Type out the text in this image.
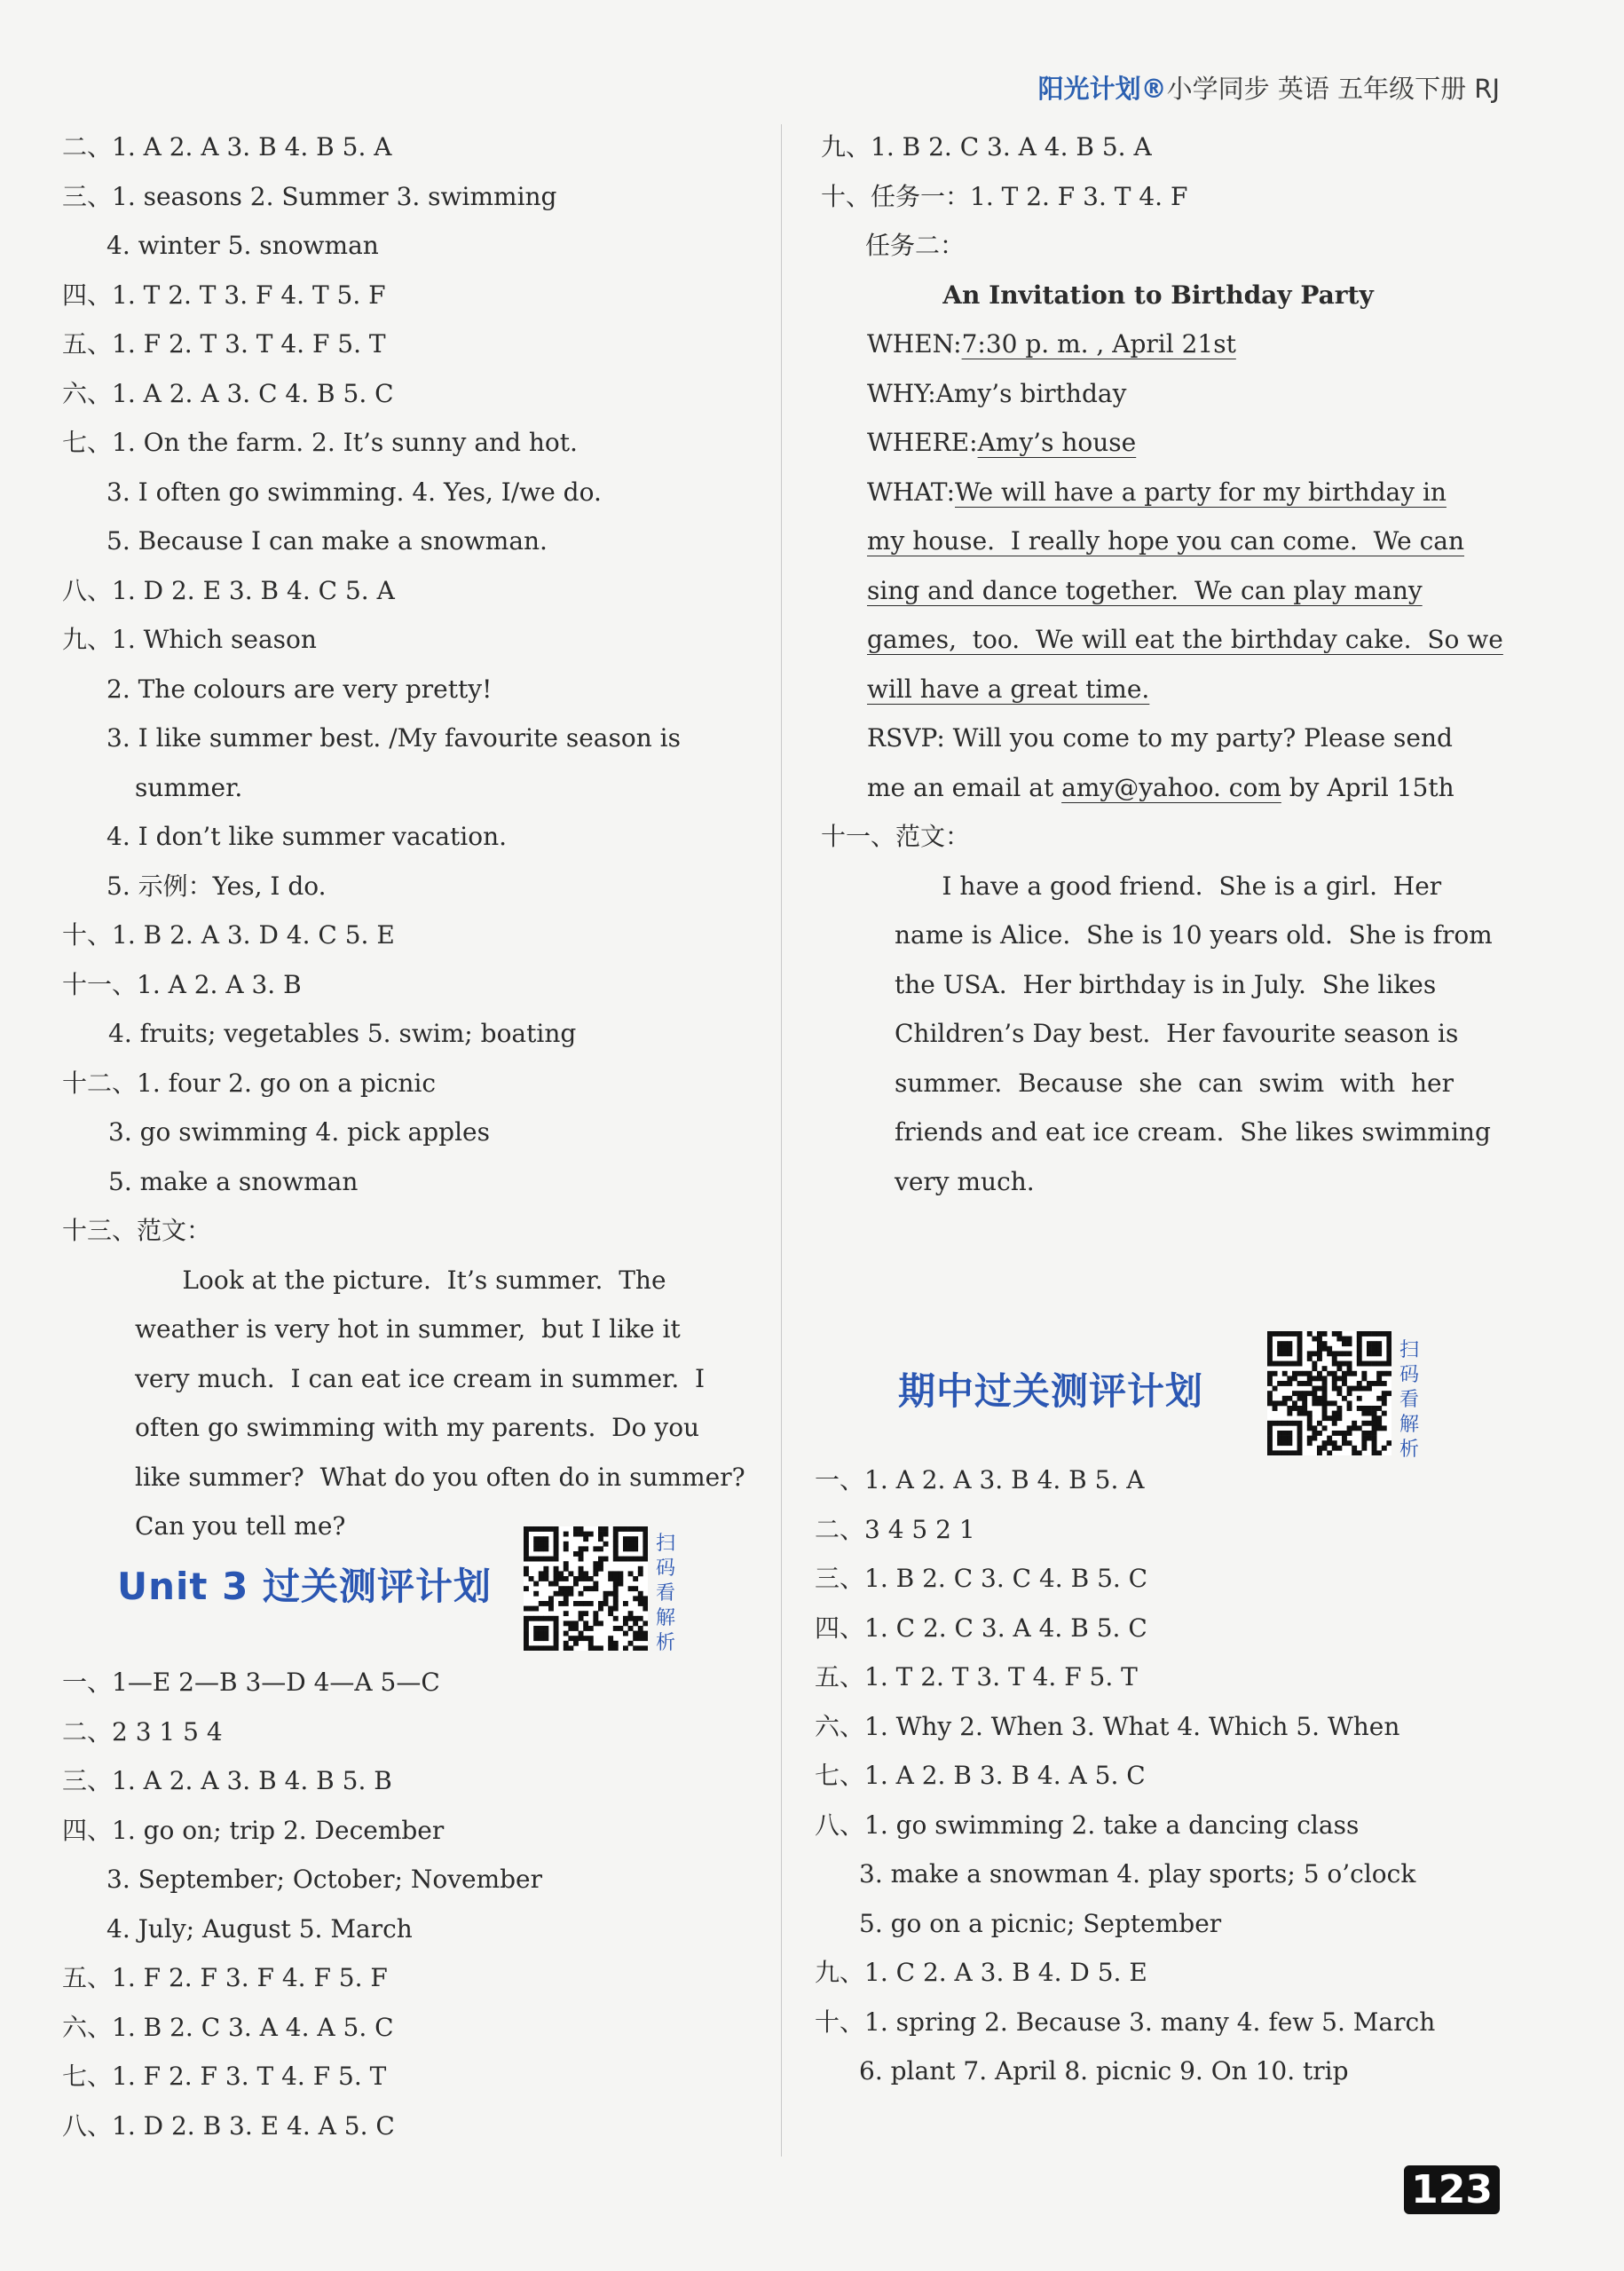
阳光计划®小学同步 英语 五年级下册 RJ
二、1. A 2. A 3. B 4. B 5. A
三、1. seasons 2. Summer 3. swimming
4. winter 5. snowman
四、1. T 2. T 3. F 4. T 5. F
五、1. F 2. T 3. T 4. F 5. T
六、1. A 2. A 3. C 4. B 5. C
七、1. On the farm. 2. It’s sunny and hot.
3. I often go swimming. 4. Yes, I/we do.
5. Because I can make a snowman.
八、1. D 2. E 3. B 4. C 5. A
九、1. Which season
2. The colours are very pretty!
3. I like summer best. /My favourite season is
summer.
4. I don’t like summer vacation.
5. 示例：Yes, I do.
十、1. B 2. A 3. D 4. C 5. E
十一、1. A 2. A 3. B
4. fruits; vegetables 5. swim; boating
十二、1. four 2. go on a picnic
3. go swimming 4. pick apples
5. make a snowman
十三、范文：
Look at the picture.  It’s summer.  The
weather is very hot in summer,  but I like it
very much.  I can eat ice cream in summer.  I
often go swimming with my parents.  Do you
like summer?  What do you often do in summer?
Can you tell me?
Unit 3 过关测评计划
扫
码
看
解
析
一、1—E 2—B 3—D 4—A 5—C
二、2 3 1 5 4
三、1. A 2. A 3. B 4. B 5. B
四、1. go on; trip 2. December
3. September; October; November
4. July; August 5. March
五、1. F 2. F 3. F 4. F 5. F
六、1. B 2. C 3. A 4. A 5. C
七、1. F 2. F 3. T 4. F 5. T
八、1. D 2. B 3. E 4. A 5. C
九、1. B 2. C 3. A 4. B 5. A
十、任务一：1. T 2. F 3. T 4. F
任务二：
An Invitation to Birthday Party
WHEN:7:30 p. m. , April 21st
WHY:Amy’s birthday
WHERE:Amy’s house
WHAT:We will have a party for my birthday in
my house.  I really hope you can come.  We can
sing and dance together.  We can play many
games,  too.  We will eat the birthday cake.  So we
will have a great time.
RSVP: Will you come to my party? Please send
me an email at amy@yahoo. com by April 15th
十一、范文：
I have a good friend.  She is a girl.  Her
name is Alice.  She is 10 years old.  She is from
the USA.  Her birthday is in July.  She likes
Children’s Day best.  Her favourite season is
summer.  Because  she  can  swim  with  her
friends and eat ice cream.  She likes swimming
very much.
期中过关测评计划
扫
码
看
解
析
一、1. A 2. A 3. B 4. B 5. A
二、3 4 5 2 1
三、1. B 2. C 3. C 4. B 5. C
四、1. C 2. C 3. A 4. B 5. C
五、1. T 2. T 3. T 4. F 5. T
六、1. Why 2. When 3. What 4. Which 5. When
七、1. A 2. B 3. B 4. A 5. C
八、1. go swimming 2. take a dancing class
3. make a snowman 4. play sports; 5 o’clock
5. go on a picnic; September
九、1. C 2. A 3. B 4. D 5. E
十、1. spring 2. Because 3. many 4. few 5. March
6. plant 7. April 8. picnic 9. On 10. trip
123
